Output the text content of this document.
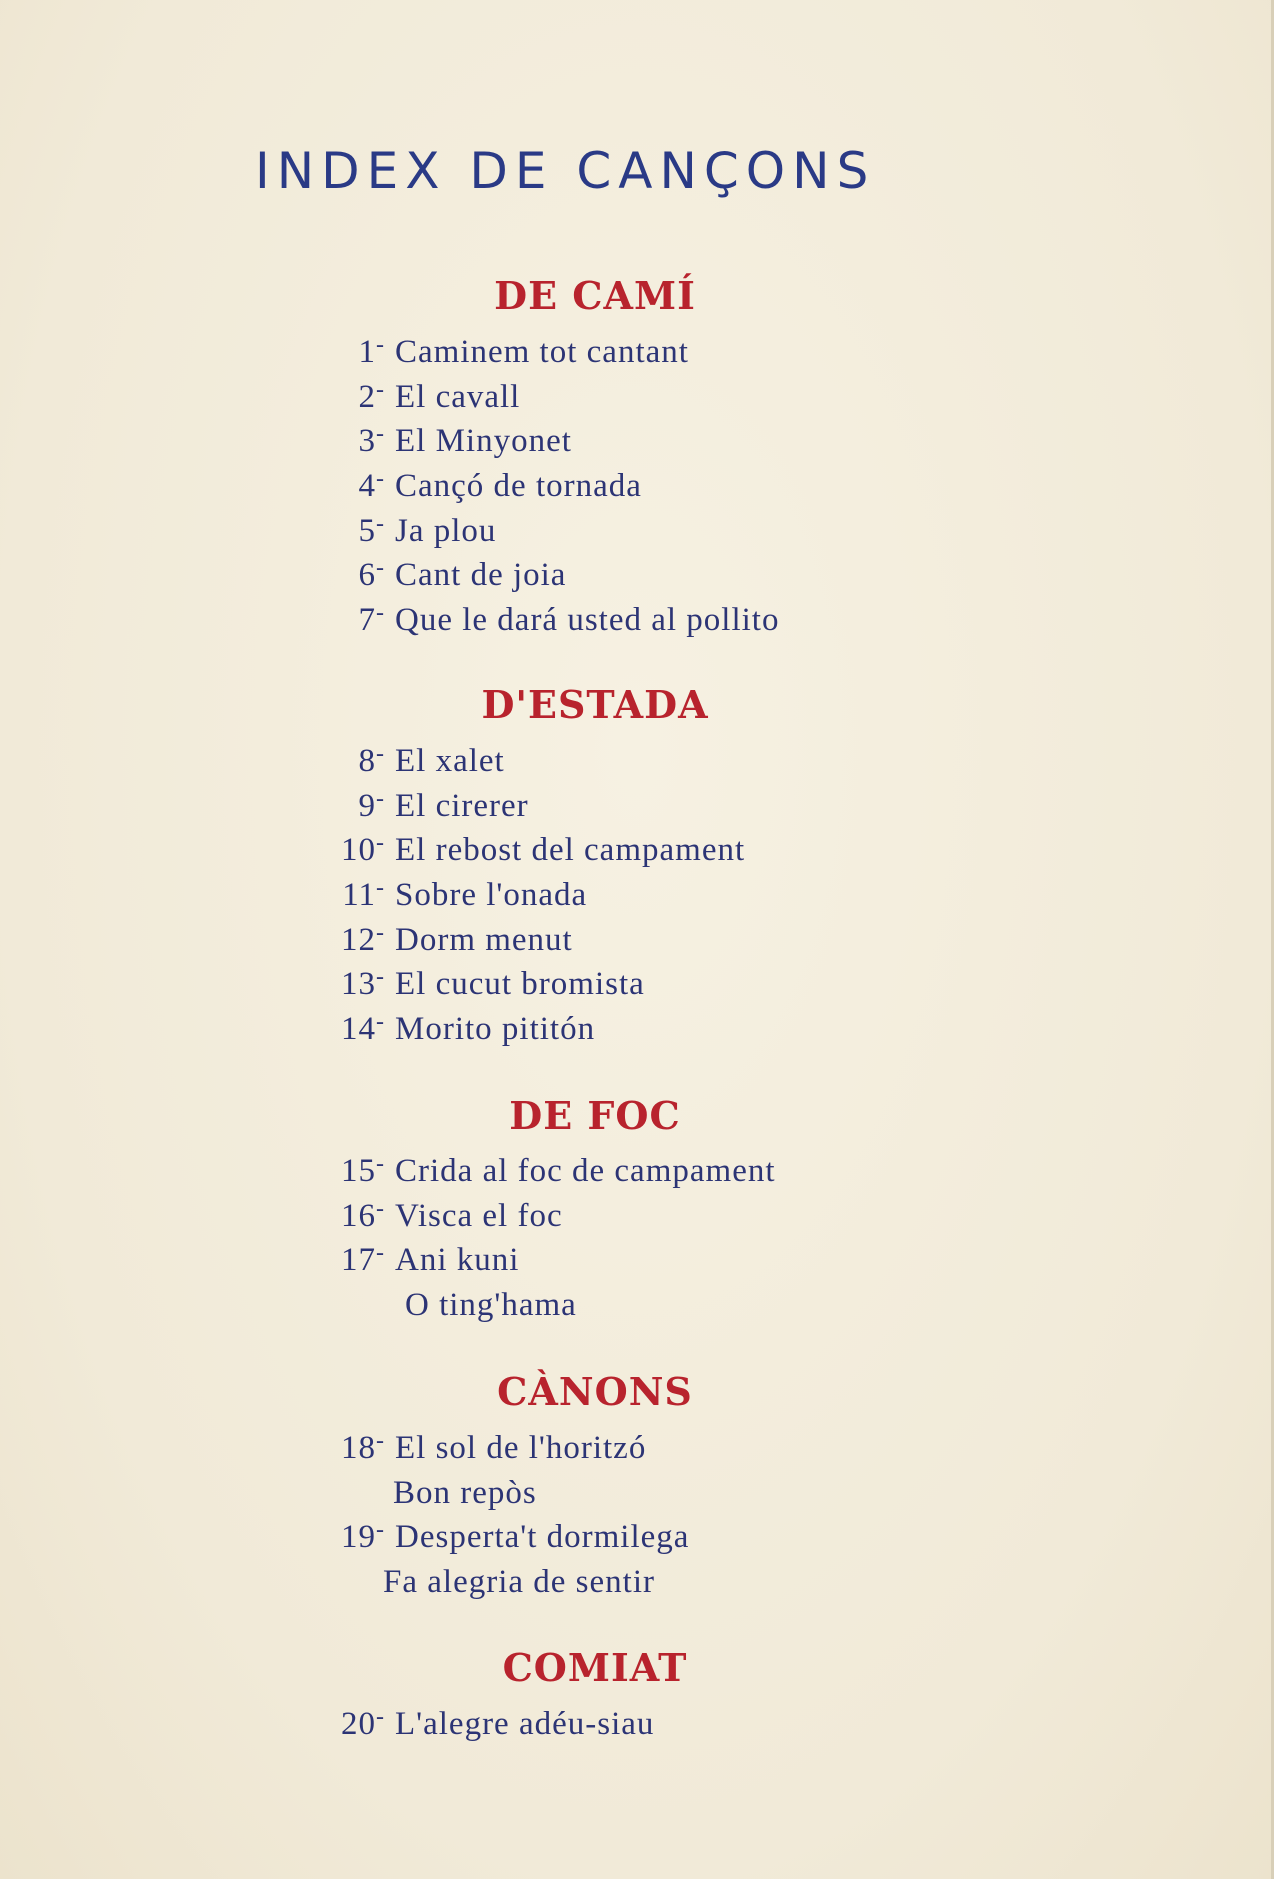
INDEX DE CANÇONS
DE CAMÍ
1 - Caminem tot cantant
2 - El cavall
3 - El Minyonet
4 - Cançó de tornada
5 - Ja plou
6 - Cant de joia
7 - Que le dará usted al pollito
D'ESTADA
8 - El xalet
9 - El cirerer
10 - El rebost del campament
11 - Sobre l'onada
12 - Dorm menut
13 - El cucut bromista
14 - Morito pititón
DE FOC
15 - Crida al foc de campament
16 - Visca el foc
17 - Ani kuni
O ting'hama
CÀNONS
18 - El sol de l'horitzó
Bon repòs
19 - Desperta't dormilega
Fa alegria de sentir
COMIAT
20 - L'alegre adéu-siau
